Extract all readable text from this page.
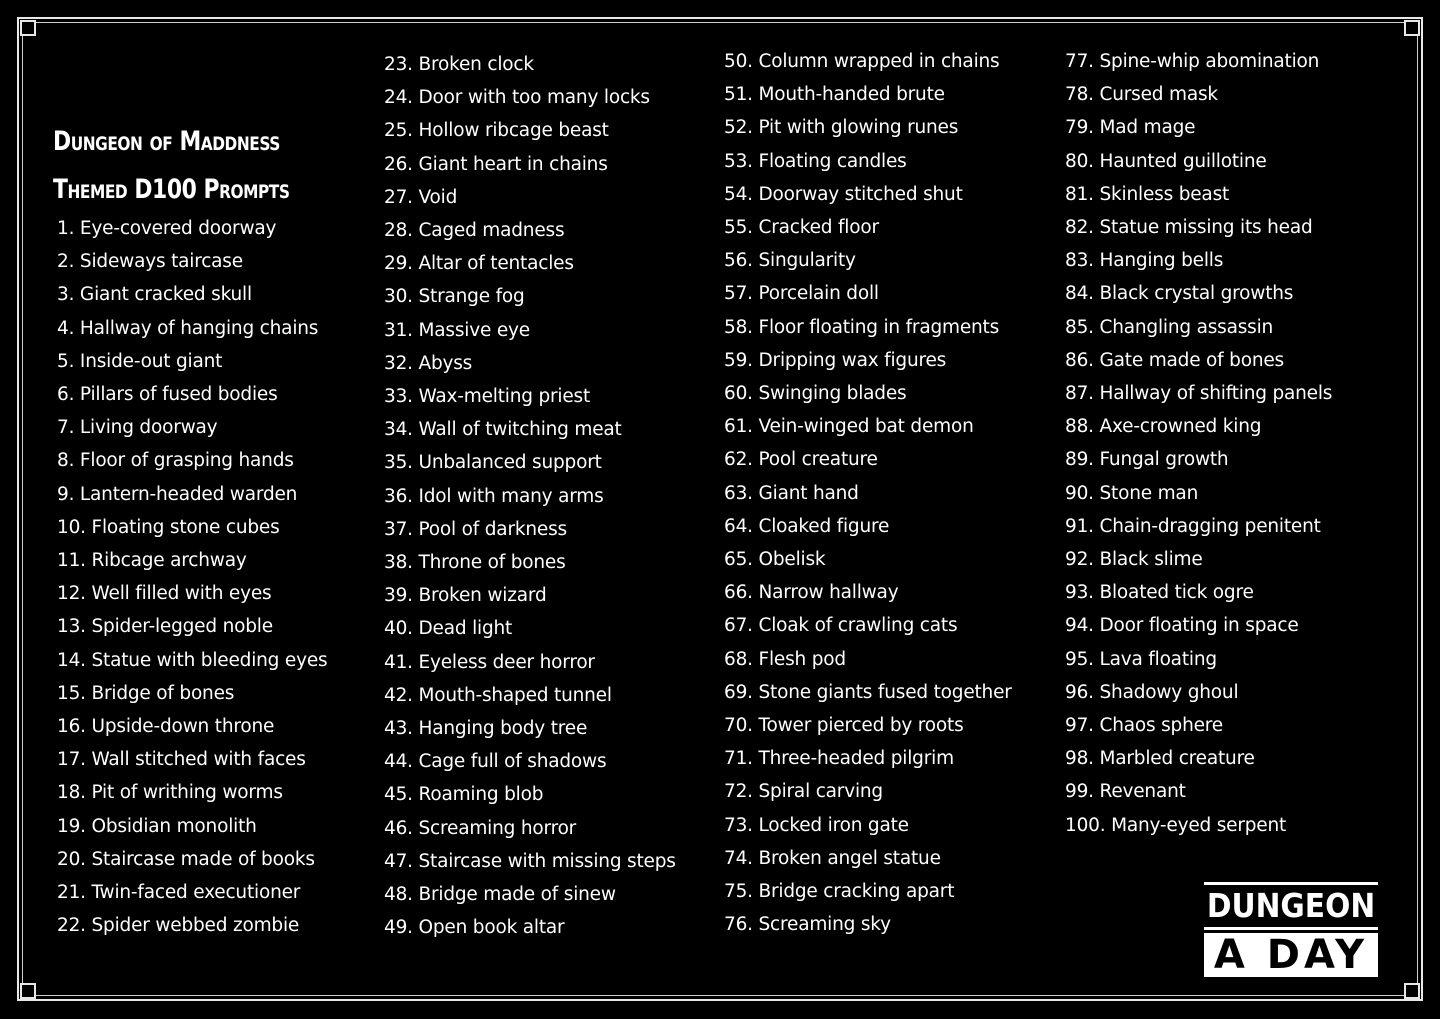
Dungeon of Maddness
Themed D100 Prompts
1. Eye-covered doorway
2. Sideways taircase
3. Giant cracked skull
4. Hallway of hanging chains
5. Inside-out giant
6. Pillars of fused bodies
7. Living doorway
8. Floor of grasping hands
9. Lantern-headed warden
10. Floating stone cubes
11. Ribcage archway
12. Well filled with eyes
13. Spider-legged noble
14. Statue with bleeding eyes
15. Bridge of bones
16. Upside-down throne
17. Wall stitched with faces
18. Pit of writhing worms
19. Obsidian monolith
20. Staircase made of books
21. Twin-faced executioner
22. Spider webbed zombie
23. Broken clock
24. Door with too many locks
25. Hollow ribcage beast
26. Giant heart in chains
27. Void
28. Caged madness
29. Altar of tentacles
30. Strange fog
31. Massive eye
32. Abyss
33. Wax-melting priest
34. Wall of twitching meat
35. Unbalanced support
36. Idol with many arms
37. Pool of darkness
38. Throne of bones
39. Broken wizard
40. Dead light
41. Eyeless deer horror
42. Mouth-shaped tunnel
43. Hanging body tree
44. Cage full of shadows
45. Roaming blob
46. Screaming horror
47. Staircase with missing steps
48. Bridge made of sinew
49. Open book altar
50. Column wrapped in chains
51. Mouth-handed brute
52. Pit with glowing runes
53. Floating candles
54. Doorway stitched shut
55. Cracked floor
56. Singularity
57. Porcelain doll
58. Floor floating in fragments
59. Dripping wax figures
60. Swinging blades
61. Vein-winged bat demon
62. Pool creature
63. Giant hand
64. Cloaked figure
65. Obelisk
66. Narrow hallway
67. Cloak of crawling cats
68. Flesh pod
69. Stone giants fused together
70. Tower pierced by roots
71. Three-headed pilgrim
72. Spiral carving
73. Locked iron gate
74. Broken angel statue
75. Bridge cracking apart
76. Screaming sky
77. Spine-whip abomination
78. Cursed mask
79. Mad mage
80. Haunted guillotine
81. Skinless beast
82. Statue missing its head
83. Hanging bells
84. Black crystal growths
85. Changling assassin
86. Gate made of bones
87. Hallway of shifting panels
88. Axe-crowned king
89. Fungal growth
90. Stone man
91. Chain-dragging penitent
92. Black slime
93. Bloated tick ogre
94. Door floating in space
95. Lava floating
96. Shadowy ghoul
97. Chaos sphere
98. Marbled creature
99. Revenant
100. Many-eyed serpent
DUNGEON
A DAY
